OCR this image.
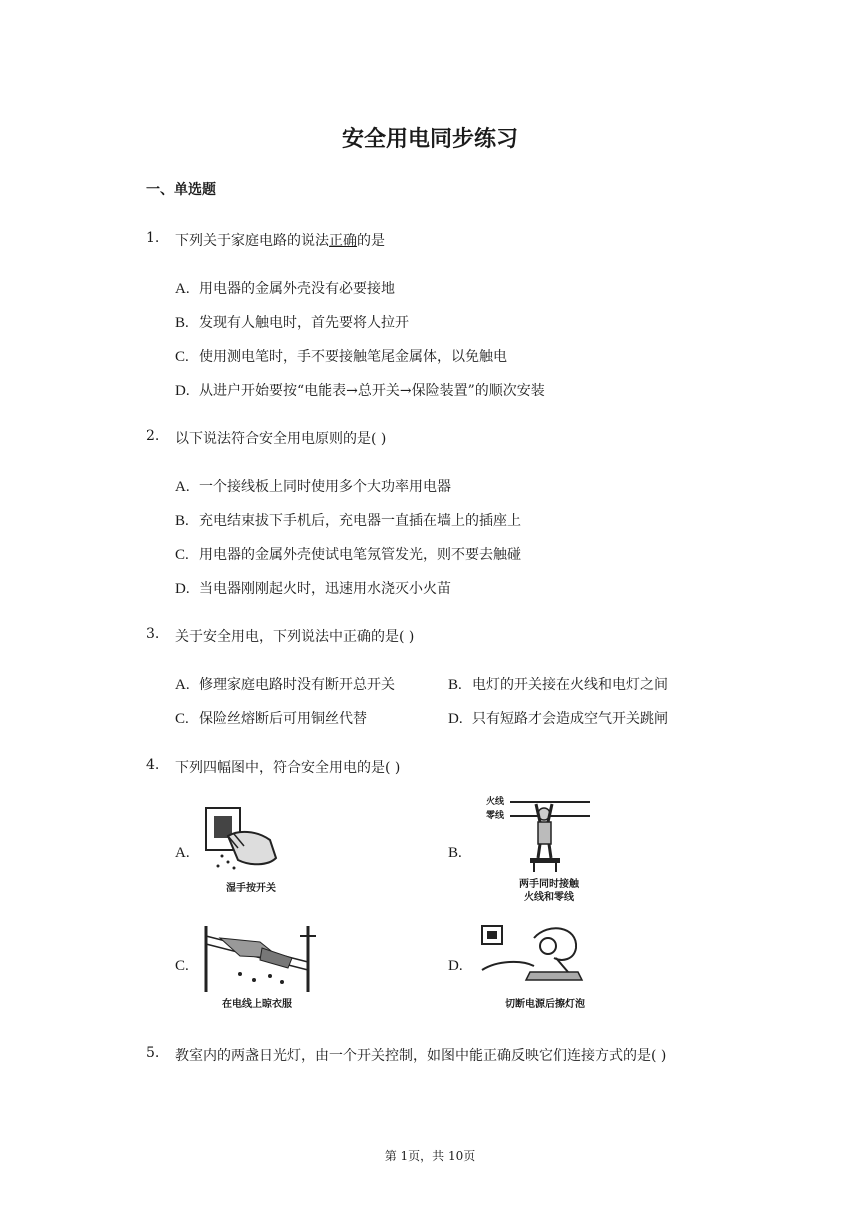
安全用电同步练习
一、单选题
1. 下列关于家庭电路的说法正确的是
A. 用电器的金属外壳没有必要接地
B. 发现有人触电时，首先要将人拉开
C. 使用测电笔时，手不要接触笔尾金属体，以免触电
D. 从进户开始要按“电能表→总开关→保险装置”的顺次安装
2. 以下说法符合安全用电原则的是( )
A. 一个接线板上同时使用多个大功率用电器
B. 充电结束拔下手机后，充电器一直插在墙上的插座上
C. 用电器的金属外壳使试电笔氖管发光，则不要去触碰
D. 当电器刚刚起火时，迅速用水浇灭小火苗
3. 关于安全用电，下列说法中正确的是( )
A. 修理家庭电路时没有断开总开关	B. 电灯的开关接在火线和电灯之间
C. 保险丝熔断后可用铜丝代替	D. 只有短路才会造成空气开关跳闸
4. 下列四幅图中，符合安全用电的是( )
A.
湿手按开关
B.
火线
零线
两手同时接触
火线和零线
C.
在电线上晾衣服
D.
切断电源后擦灯泡
5. 教室内的两盏日光灯，由一个开关控制，如图中能正确反映它们连接方式的是( )
第 1页，共 10页
